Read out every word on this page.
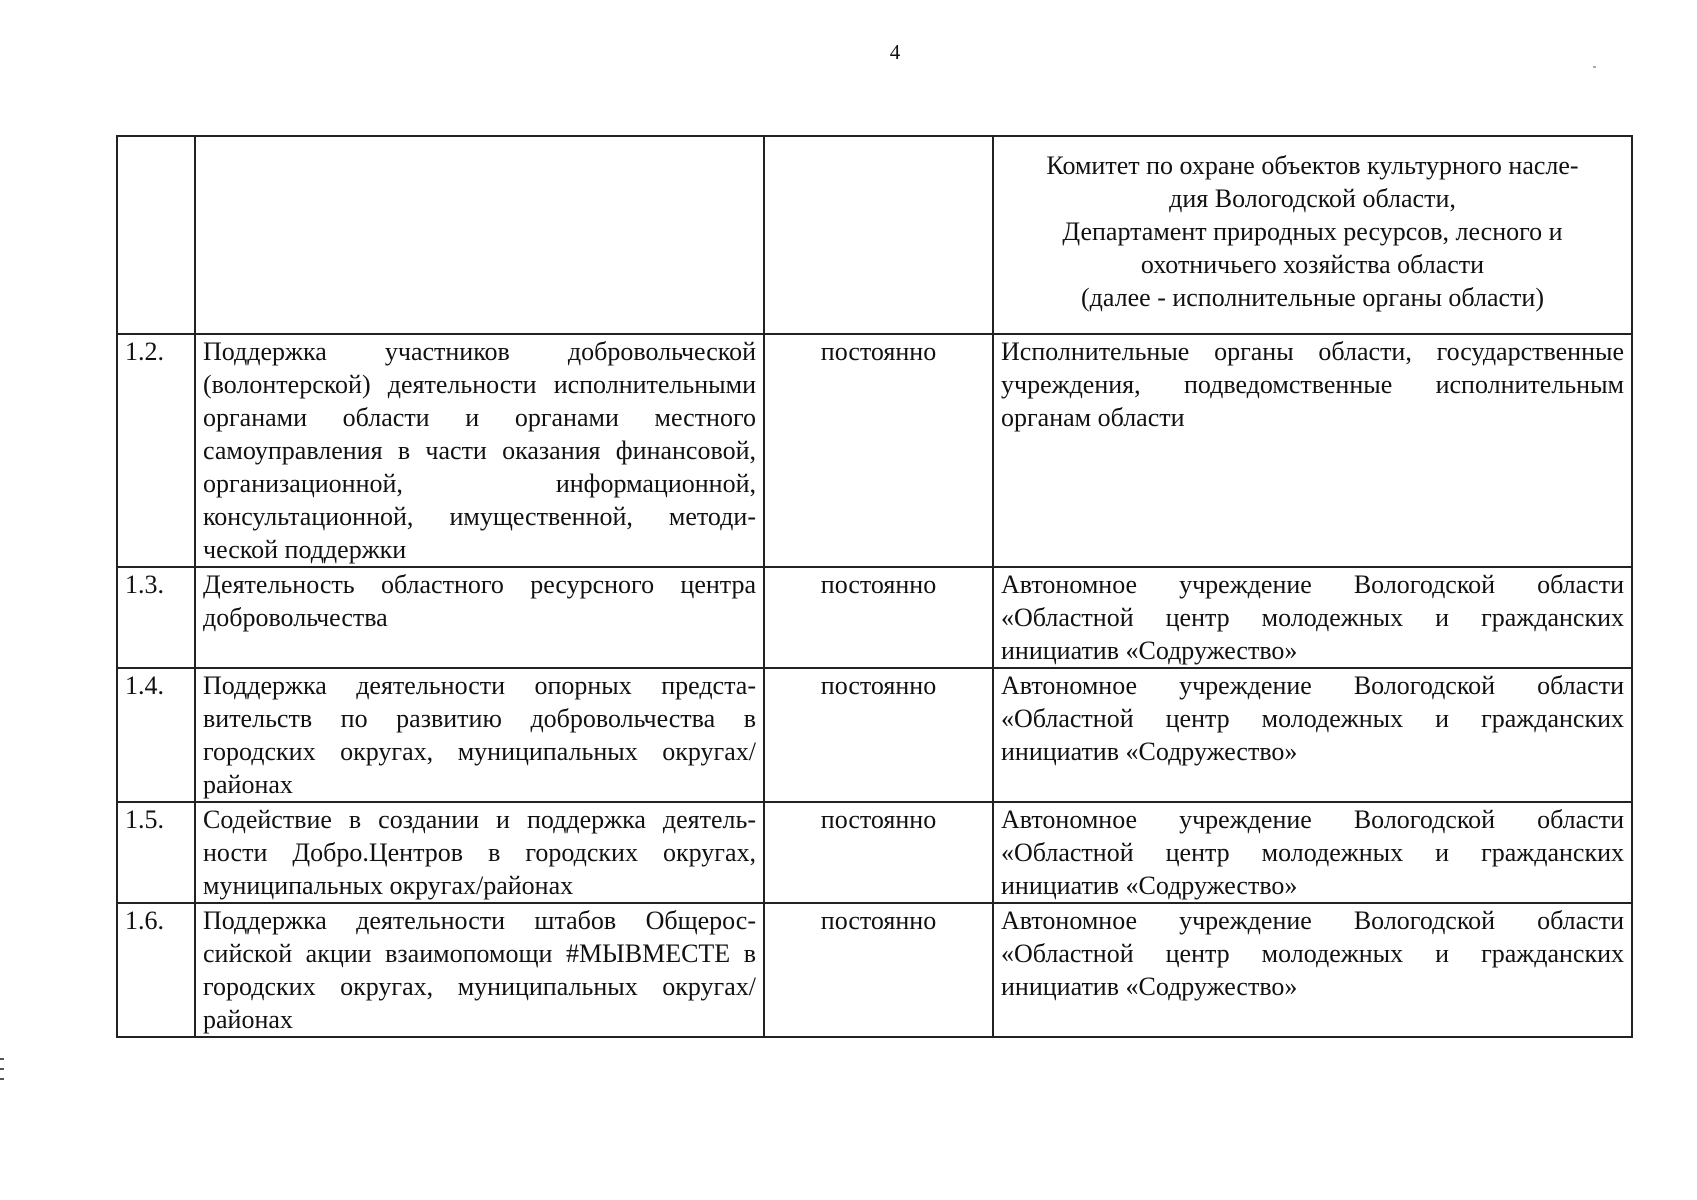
4

			Комитет по охране объектов культурного насле-
дия Вологодской области,
Департамент природных ресурсов, лесного и
охотничьего хозяйства области
(далее - исполнительные органы области)

1.2.	Поддержка участников добровольческой (волонтерской) деятельности исполнительными органами области и органами местного самоуправления в части оказания финансовой, организационной, информационной, консультационной, имущественной, методической поддержки	постоянно	Исполнительные органы области, государственные учреждения, подведомственные исполнительным органам области
1.3.	Деятельность областного ресурсного центра добровольчества	постоянно	Автономное учреждение Вологодской области «Областной центр молодежных и гражданских инициатив «Содружество»
1.4.	Поддержка деятельности опорных представительств по развитию добровольчества в городских округах, муниципальных округах/районах	постоянно	Автономное учреждение Вологодской области «Областной центр молодежных и гражданских инициатив «Содружество»
1.5.	Содействие в создании и поддержка деятельности Добро.Центров в городских округах, муниципальных округах/районах	постоянно	Автономное учреждение Вологодской области «Областной центр молодежных и гражданских инициатив «Содружество»
1.6.	Поддержка деятельности штабов Общероссийской акции взаимопомощи #МЫВМЕСТЕ в городских округах, муниципальных округах/районах	постоянно	Автономное учреждение Вологодской области «Областной центр молодежных и гражданских инициатив «Содружество»
